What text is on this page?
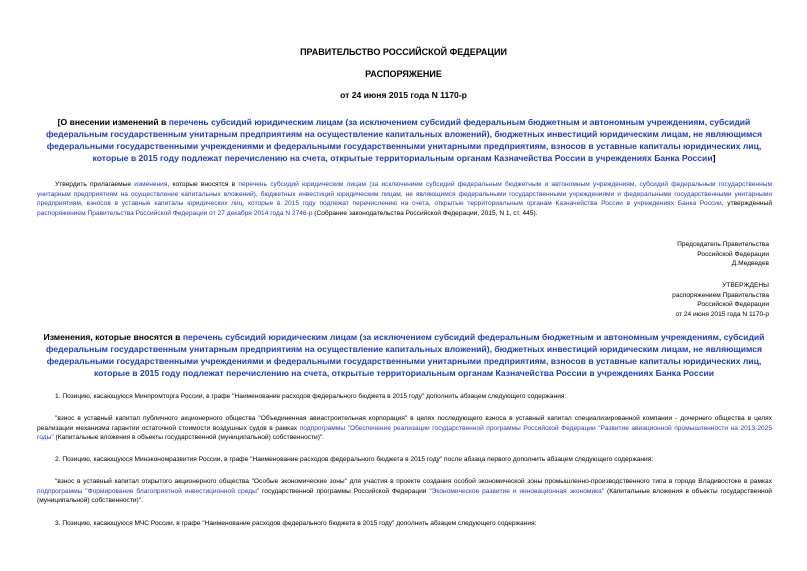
ПРАВИТЕЛЬСТВО РОССИЙСКОЙ ФЕДЕРАЦИИ
РАСПОРЯЖЕНИЕ
от 24 июня 2015 года N 1170-р
[О внесении изменений в перечень субсидий юридическим лицам (за исключением субсидий федеральным бюджетным и автономным учреждениям, субсидий федеральным государственным унитарным предприятиям на осуществление капитальных вложений), бюджетных инвестиций юридическим лицам, не являющимся федеральными государственными учреждениями и федеральными государственными унитарными предприятиям, взносов в уставные капиталы юридических лиц, которые в 2015 году подлежат перечислению на счета, открытые территориальным органам Казначейства России в учреждениях Банка России]
Утвердить прилагаемые изменения, которые вносятся в перечень субсидий юридическим лицам (за исключением субсидий федеральным бюджетным и автономным учреждениям, субсидий федеральным государственным унитарным предприятиям на осуществление капитальных вложений), бюджетных инвестиций юридическим лицам, не являющимся федеральными государственными учреждениями и федеральными государственными унитарными предприятиям, взносов в уставные капиталы юридических лиц, которые в 2015 году подлежат перечислению на счета, открытые территориальным органам Казначейства России в учреждениях Банка России, утвержденный распоряжением Правительства Российской Федерации от 27 декабря 2014 года N 2746-р (Собрание законодательства Российской Федерации, 2015, N 1, ст. 445).
Председатель Правительства
Российской Федерации
Д.Медведев
УТВЕРЖДЕНЫ
распоряжением Правительства
Российской Федерации
от 24 июня 2015 года N 1170-р
Изменения, которые вносятся в перечень субсидий юридическим лицам (за исключением субсидий федеральным бюджетным и автономным учреждениям, субсидий федеральным государственным унитарным предприятиям на осуществление капитальных вложений), бюджетных инвестиций юридическим лицам, не являющимся федеральными государственными учреждениями и федеральными государственными унитарными предприятиям, взносов в уставные капиталы юридических лиц, которые в 2015 году подлежат перечислению на счета, открытые территориальным органам Казначейства России в учреждениях Банка России
1. Позицию, касающуюся Минпромторга России, в графе "Наименование расходов федерального бюджета в 2015 году" дополнить абзацем следующего содержания:
"взнос в уставный капитал публичного акционерного общества "Объединенная авиастроительная корпорация" в целях последующего взноса в уставный капитал специализированной компании - дочернего общества в целях реализации механизма гарантии остаточной стоимости воздушных судов в рамках подпрограммы "Обеспечение реализации государственной программы Российской Федерации "Развитие авиационной промышленности на 2013-2025 годы" (Капитальные вложения в объекты государственной (муниципальной) собственности)".
2. Позицию, касающуюся Минэкономразвития России, в графе "Наименование расходов федерального бюджета в 2015 году" после абзаца первого дополнить абзацем следующего содержания:
"взнос в уставный капитал открытого акционерного общества "Особые экономические зоны" для участия в проекте создания особой экономической зоны промышленно-производственного типа в городе Владивостоке в рамках подпрограммы "Формирование благоприятной инвестиционной среды" государственной программы Российской Федерации "Экономическое развитие и инновационная экономика" (Капитальные вложения в объекты государственной (муниципальной) собственности)".
3. Позицию, касающуюся МЧС России, в графе "Наименование расходов федерального бюджета в 2015 году" дополнить абзацем следующего содержания:
